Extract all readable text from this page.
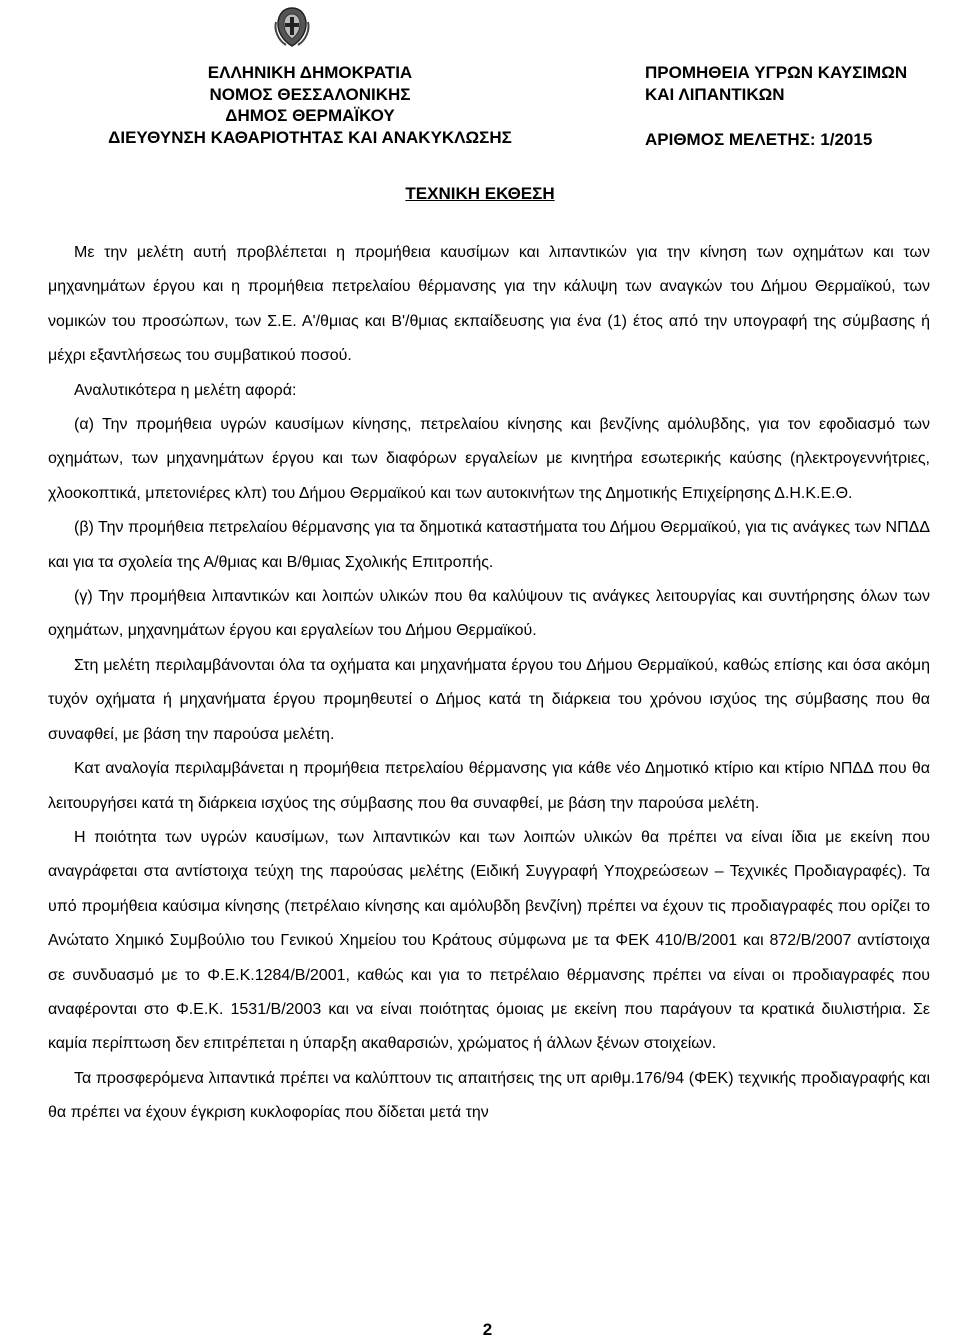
ΕΛΛΗΝΙΚΗ ΔΗΜΟΚΡΑΤΙΑ
ΝΟΜΟΣ ΘΕΣΣΑΛΟΝΙΚΗΣ
ΔΗΜΟΣ ΘΕΡΜΑΪΚΟΥ
ΔΙΕΥΘΥΝΣΗ ΚΑΘΑΡΙΟΤΗΤΑΣ ΚΑΙ ΑΝΑΚΥΚΛΩΣΗΣ
ΠΡΟΜΗΘΕΙΑ ΥΓΡΩΝ ΚΑΥΣΙΜΩΝ
ΚΑΙ ΛΙΠΑΝΤΙΚΩΝ
ΑΡΙΘΜΟΣ ΜΕΛΕΤΗΣ: 1/2015
ΤΕΧΝΙΚΗ ΕΚΘΕΣΗ

Με την μελέτη αυτή προβλέπεται η προμήθεια καυσίμων και λιπαντικών για την κίνηση των οχημάτων και των μηχανημάτων έργου και η προμήθεια πετρελαίου θέρμανσης για την κάλυψη των αναγκών του Δήμου Θερμαϊκού, των νομικών του προσώπων, των Σ.Ε. Α'/θμιας και Β'/θμιας εκπαίδευσης για ένα (1) έτος από την υπογραφή της σύμβασης ή μέχρι εξαντλήσεως του συμβατικού ποσού.

Αναλυτικότερα η μελέτη αφορά:

(α) Την προμήθεια υγρών καυσίμων κίνησης, πετρελαίου κίνησης και βενζίνης αμόλυβδης, για τον εφοδιασμό των οχημάτων, των μηχανημάτων έργου και των διαφόρων εργαλείων με κινητήρα εσωτερικής καύσης (ηλεκτρογεννήτριες, χλοοκοπτικά, μπετονιέρες κλπ) του Δήμου Θερμαϊκού και των αυτοκινήτων της Δημοτικής Επιχείρησης Δ.Η.Κ.Ε.Θ.

(β) Την προμήθεια πετρελαίου θέρμανσης για τα δημοτικά καταστήματα του Δήμου Θερμαϊκού, για τις ανάγκες των ΝΠΔΔ και για τα σχολεία της Α/θμιας και Β/θμιας Σχολικής Επιτροπής.

(γ) Την προμήθεια λιπαντικών και λοιπών υλικών που θα καλύψουν τις ανάγκες λειτουργίας και συντήρησης όλων των οχημάτων, μηχανημάτων έργου και εργαλείων του Δήμου Θερμαϊκού.

Στη μελέτη περιλαμβάνονται όλα τα οχήματα και μηχανήματα έργου του Δήμου Θερμαϊκού, καθώς επίσης και όσα ακόμη τυχόν οχήματα ή μηχανήματα έργου προμηθευτεί ο Δήμος κατά τη διάρκεια του χρόνου ισχύος της σύμβασης που θα συναφθεί, με βάση την παρούσα μελέτη.

Κατ αναλογία περιλαμβάνεται η προμήθεια πετρελαίου θέρμανσης για κάθε νέο Δημοτικό κτίριο και κτίριο ΝΠΔΔ που θα λειτουργήσει κατά τη διάρκεια ισχύος της σύμβασης που θα συναφθεί, με βάση την παρούσα μελέτη.

Η ποιότητα των υγρών καυσίμων, των λιπαντικών και των λοιπών υλικών θα πρέπει να είναι ίδια με εκείνη που αναγράφεται στα αντίστοιχα τεύχη της παρούσας μελέτης (Ειδική Συγγραφή Υποχρεώσεων – Τεχνικές Προδιαγραφές). Τα υπό προμήθεια καύσιμα κίνησης (πετρέλαιο κίνησης και αμόλυβδη βενζίνη) πρέπει να έχουν τις προδιαγραφές που ορίζει το Ανώτατο Χημικό Συμβούλιο του Γενικού Χημείου του Κράτους σύμφωνα με τα ΦΕΚ 410/Β/2001 και 872/Β/2007 αντίστοιχα σε συνδυασμό με το Φ.Ε.Κ.1284/Β/2001, καθώς και για το πετρέλαιο θέρμανσης πρέπει να είναι οι προδιαγραφές που αναφέρονται στο Φ.Ε.Κ. 1531/Β/2003 και να είναι ποιότητας όμοιας με εκείνη που παράγουν τα κρατικά διυλιστήρια. Σε καμία περίπτωση δεν επιτρέπεται η ύπαρξη ακαθαρσιών, χρώματος ή άλλων ξένων στοιχείων.

Τα προσφερόμενα λιπαντικά πρέπει να καλύπτουν τις απαιτήσεις της υπ αριθμ.176/94 (ΦΕΚ) τεχνικής προδιαγραφής και θα πρέπει να έχουν έγκριση κυκλοφορίας που δίδεται μετά την

2
